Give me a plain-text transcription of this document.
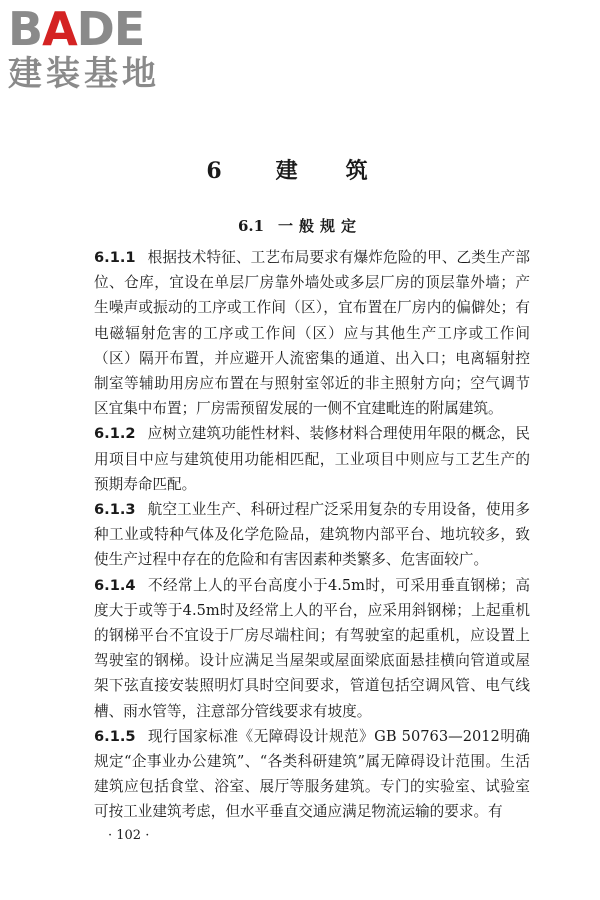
BADE
建装基地
6 建 筑
6.1 一般规定

6.1.1 根据技术特征、工艺布局要求有爆炸危险的甲、乙类生产部位、仓库，宜设在单层厂房靠外墙处或多层厂房的顶层靠外墙；产生噪声或振动的工序或工作间（区），宜布置在厂房内的偏僻处；有电磁辐射危害的工序或工作间（区）应与其他生产工序或工作间（区）隔开布置，并应避开人流密集的通道、出入口；电离辐射控制室等辅助用房应布置在与照射室邻近的非主照射方向；空气调节区宜集中布置；厂房需预留发展的一侧不宜建毗连的附属建筑。

6.1.2 应树立建筑功能性材料、装修材料合理使用年限的概念，民用项目中应与建筑使用功能相匹配，工业项目中则应与工艺生产的预期寿命匹配。

6.1.3 航空工业生产、科研过程广泛采用复杂的专用设备，使用多种工业或特种气体及化学危险品，建筑物内部平台、地坑较多，致使生产过程中存在的危险和有害因素种类繁多、危害面较广。

6.1.4 不经常上人的平台高度小于4.5m时，可采用垂直钢梯；高度大于或等于4.5m时及经常上人的平台，应采用斜钢梯；上起重机的钢梯平台不宜设于厂房尽端柱间；有驾驶室的起重机，应设置上驾驶室的钢梯。设计应满足当屋架或屋面梁底面悬挂横向管道或屋架下弦直接安装照明灯具时空间要求，管道包括空调风管、电气线槽、雨水管等，注意部分管线要求有坡度。

6.1.5 现行国家标准《无障碍设计规范》GB 50763—2012明确规定“企事业办公建筑”、“各类科研建筑”属无障碍设计范围。生活建筑应包括食堂、浴室、展厅等服务建筑。专门的实验室、试验室可按工业建筑考虑，但水平垂直交通应满足物流运输的要求。有

· 102 ·
